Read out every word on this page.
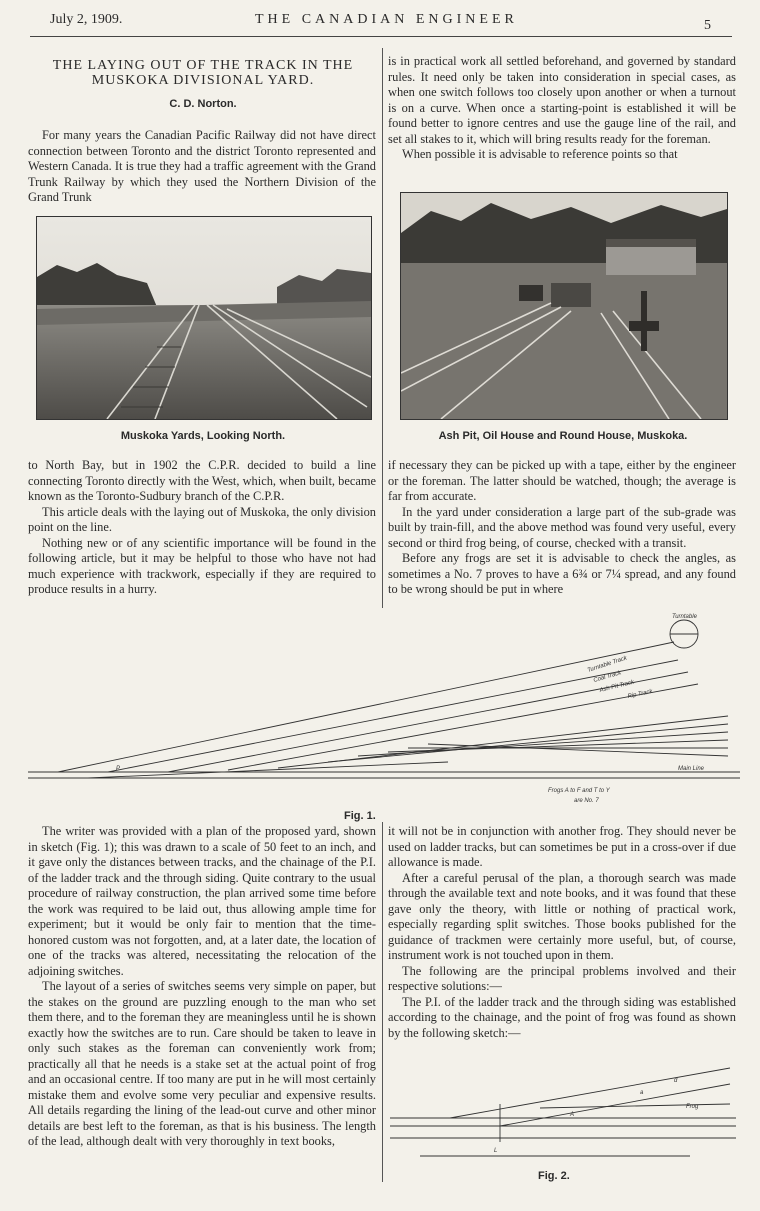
July 2, 1909.	THE CANADIAN ENGINEER	5
THE LAYING OUT OF THE TRACK IN THE
MUSKOKA DIVISIONAL YARD.
C. D. Norton.

For many years the Canadian Pacific Railway did not have direct connection between Toronto and the district Toronto represented and Western Canada. It is true they had a traffic agreement with the Grand Trunk Railway by which they used the Northern Division of the Grand Trunk

is in practical work all settled beforehand, and governed by standard rules. It need only be taken into consideration in special cases, as when one switch follows too closely upon another or when a turnout is on a curve. When once a starting-point is established it will be found better to ignore centres and use the gauge line of the rail, and set all stakes to it, which will bring results ready for the foreman.

When possible it is advisable to reference points so that

Muskoka Yards, Looking North.	Ash Pit, Oil House and Round House, Muskoka.

to North Bay, but in 1902 the C.P.R. decided to build a line connecting Toronto directly with the West, which, when built, became known as the Toronto-Sudbury branch of the C.P.R.

This article deals with the laying out of Muskoka, the only division point on the line.

Nothing new or of any scientific importance will be found in the following article, but it may be helpful to those who have not had much experience with trackwork, especially if they are required to produce results in a hurry.

if necessary they can be picked up with a tape, either by the engineer or the foreman. The latter should be watched, though; the average is far from accurate.

In the yard under consideration a large part of the sub-grade was built by train-fill, and the above method was found very useful, every second or third frog being, of course, checked with a transit.

Before any frogs are set it is advisable to check the angles, as sometimes a No. 7 proves to have a 6¾ or 7¼ spread, and any found to be wrong should be put in where

Turntable Track
Coal Track
Ash Pit Track
Rip Track
Main Line
P
Turntable
Frogs A to F and T to Y
are No. 7
Fig. 1.

The writer was provided with a plan of the proposed yard, shown in sketch (Fig. 1); this was drawn to a scale of 50 feet to an inch, and it gave only the distances between tracks, and the chainage of the P.I. of the ladder track and the through siding. Quite contrary to the usual procedure of railway construction, the plan arrived some time before the work was required to be laid out, thus allowing ample time for experiment; but it would be only fair to mention that the time-honored custom was not forgotten, and, at a later date, the location of one of the tracks was altered, necessitating the relocation of the adjoining switches.

The layout of a series of switches seems very simple on paper, but the stakes on the ground are puzzling enough to the man who set them there, and to the foreman they are meaningless until he is shown exactly how the switches are to run. Care should be taken to leave in only such stakes as the foreman can conveniently work from; practically all that he needs is a stake set at the actual point of frog and an occasional centre. If too many are put in he will most certainly mistake them and evolve some very peculiar and expensive results. All details regarding the lining of the lead-out curve and other minor details are best left to the foreman, as that is his business. The length of the lead, although dealt with very thoroughly in text books,

it will not be in conjunction with another frog. They should never be used on ladder tracks, but can sometimes be put in a cross-over if due allowance is made.

After a careful perusal of the plan, a thorough search was made through the available text and note books, and it was found that these gave only the theory, with little or nothing of practical work, especially regarding split switches. Those books published for the guidance of trackmen were certainly more useful, but, of course, instrument work is not touched upon in them.

The following are the principal problems involved and their respective solutions:—

The P.I. of the ladder track and the through siding was established according to the chainage, and the point of frog was found as shown by the following sketch:—

A
a
d
Frog
L
Fig. 2.
